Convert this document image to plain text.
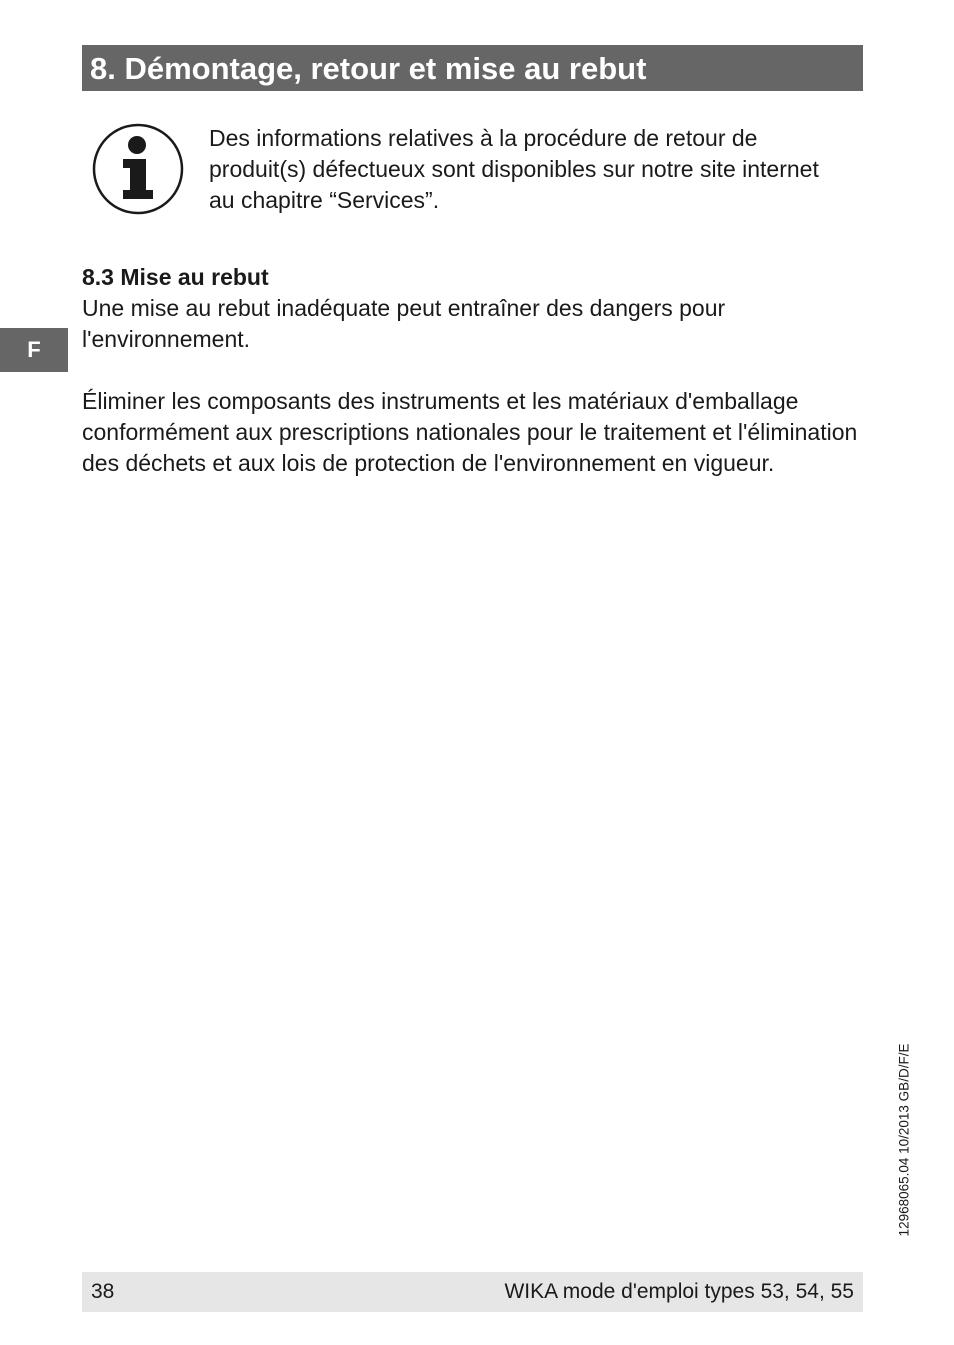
8. Démontage, retour et mise au rebut

Des informations relatives à la procédure de retour de produit(s) défectueux sont disponibles sur notre site internet au chapitre “Services”.

8.3 Mise au rebut

Une mise au rebut inadéquate peut entraîner des dangers pour l'environnement.

Éliminer les composants des instruments et les matériaux d'emballage conformément aux prescriptions nationales pour le traitement et l'élimination des déchets et aux lois de protection de l'environnement en vigueur.

F
12968065.04 10/2013 GB/D/F/E
38	WIKA mode d'emploi types 53, 54, 55
